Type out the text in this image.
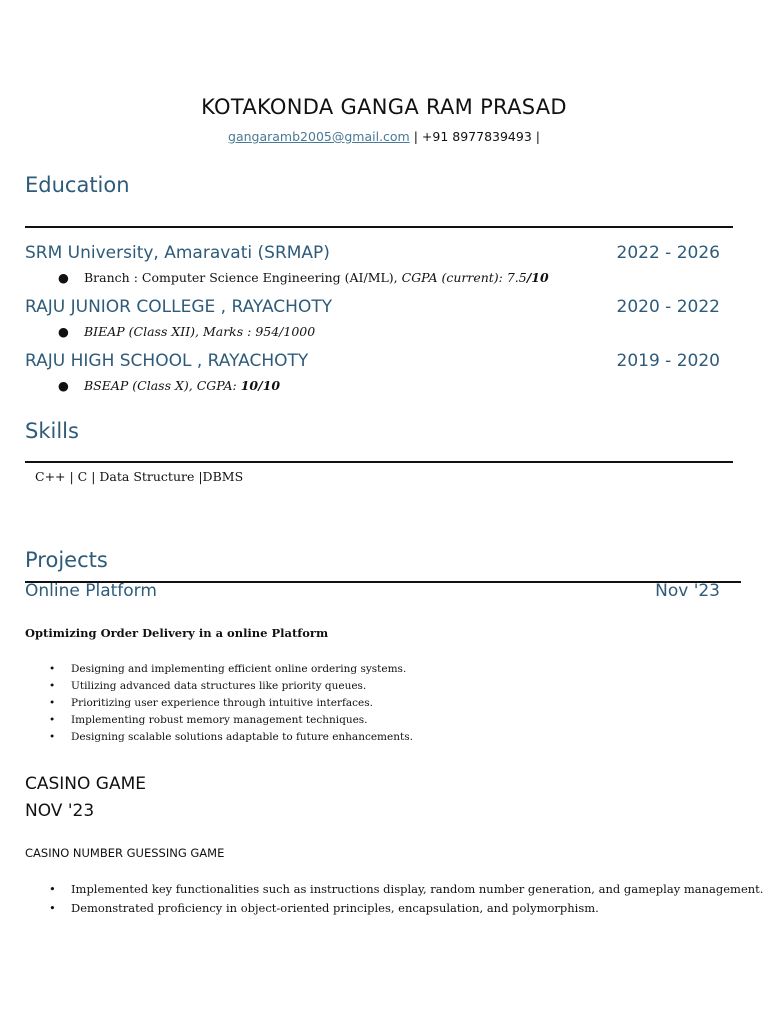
KOTAKONDA GANGA RAM PRASAD
gangaramb2005@gmail.com | +91 8977839493 |
Education
SRM University, Amaravati (SRMAP)	2022 - 2026
● Branch : Computer Science Engineering (AI/ML), CGPA (current): 7.5/10
RAJU JUNIOR COLLEGE , RAYACHOTY	2020 - 2022
● BIEAP (Class XII), Marks : 954/1000
RAJU HIGH SCHOOL , RAYACHOTY	2019 - 2020
● BSEAP (Class X), CGPA: 10/10
Skills
C++ | C | Data Structure |DBMS
Projects
Online Platform	Nov '23
Optimizing Order Delivery in a online Platform
• Designing and implementing efficient online ordering systems.
• Utilizing advanced data structures like priority queues.
• Prioritizing user experience through intuitive interfaces.
• Implementing robust memory management techniques.
• Designing scalable solutions adaptable to future enhancements.
CASINO GAME
NOV '23
CASINO NUMBER GUESSING GAME
• Implemented key functionalities such as instructions display, random number generation, and gameplay management.
• Demonstrated proficiency in object-oriented principles, encapsulation, and polymorphism.
